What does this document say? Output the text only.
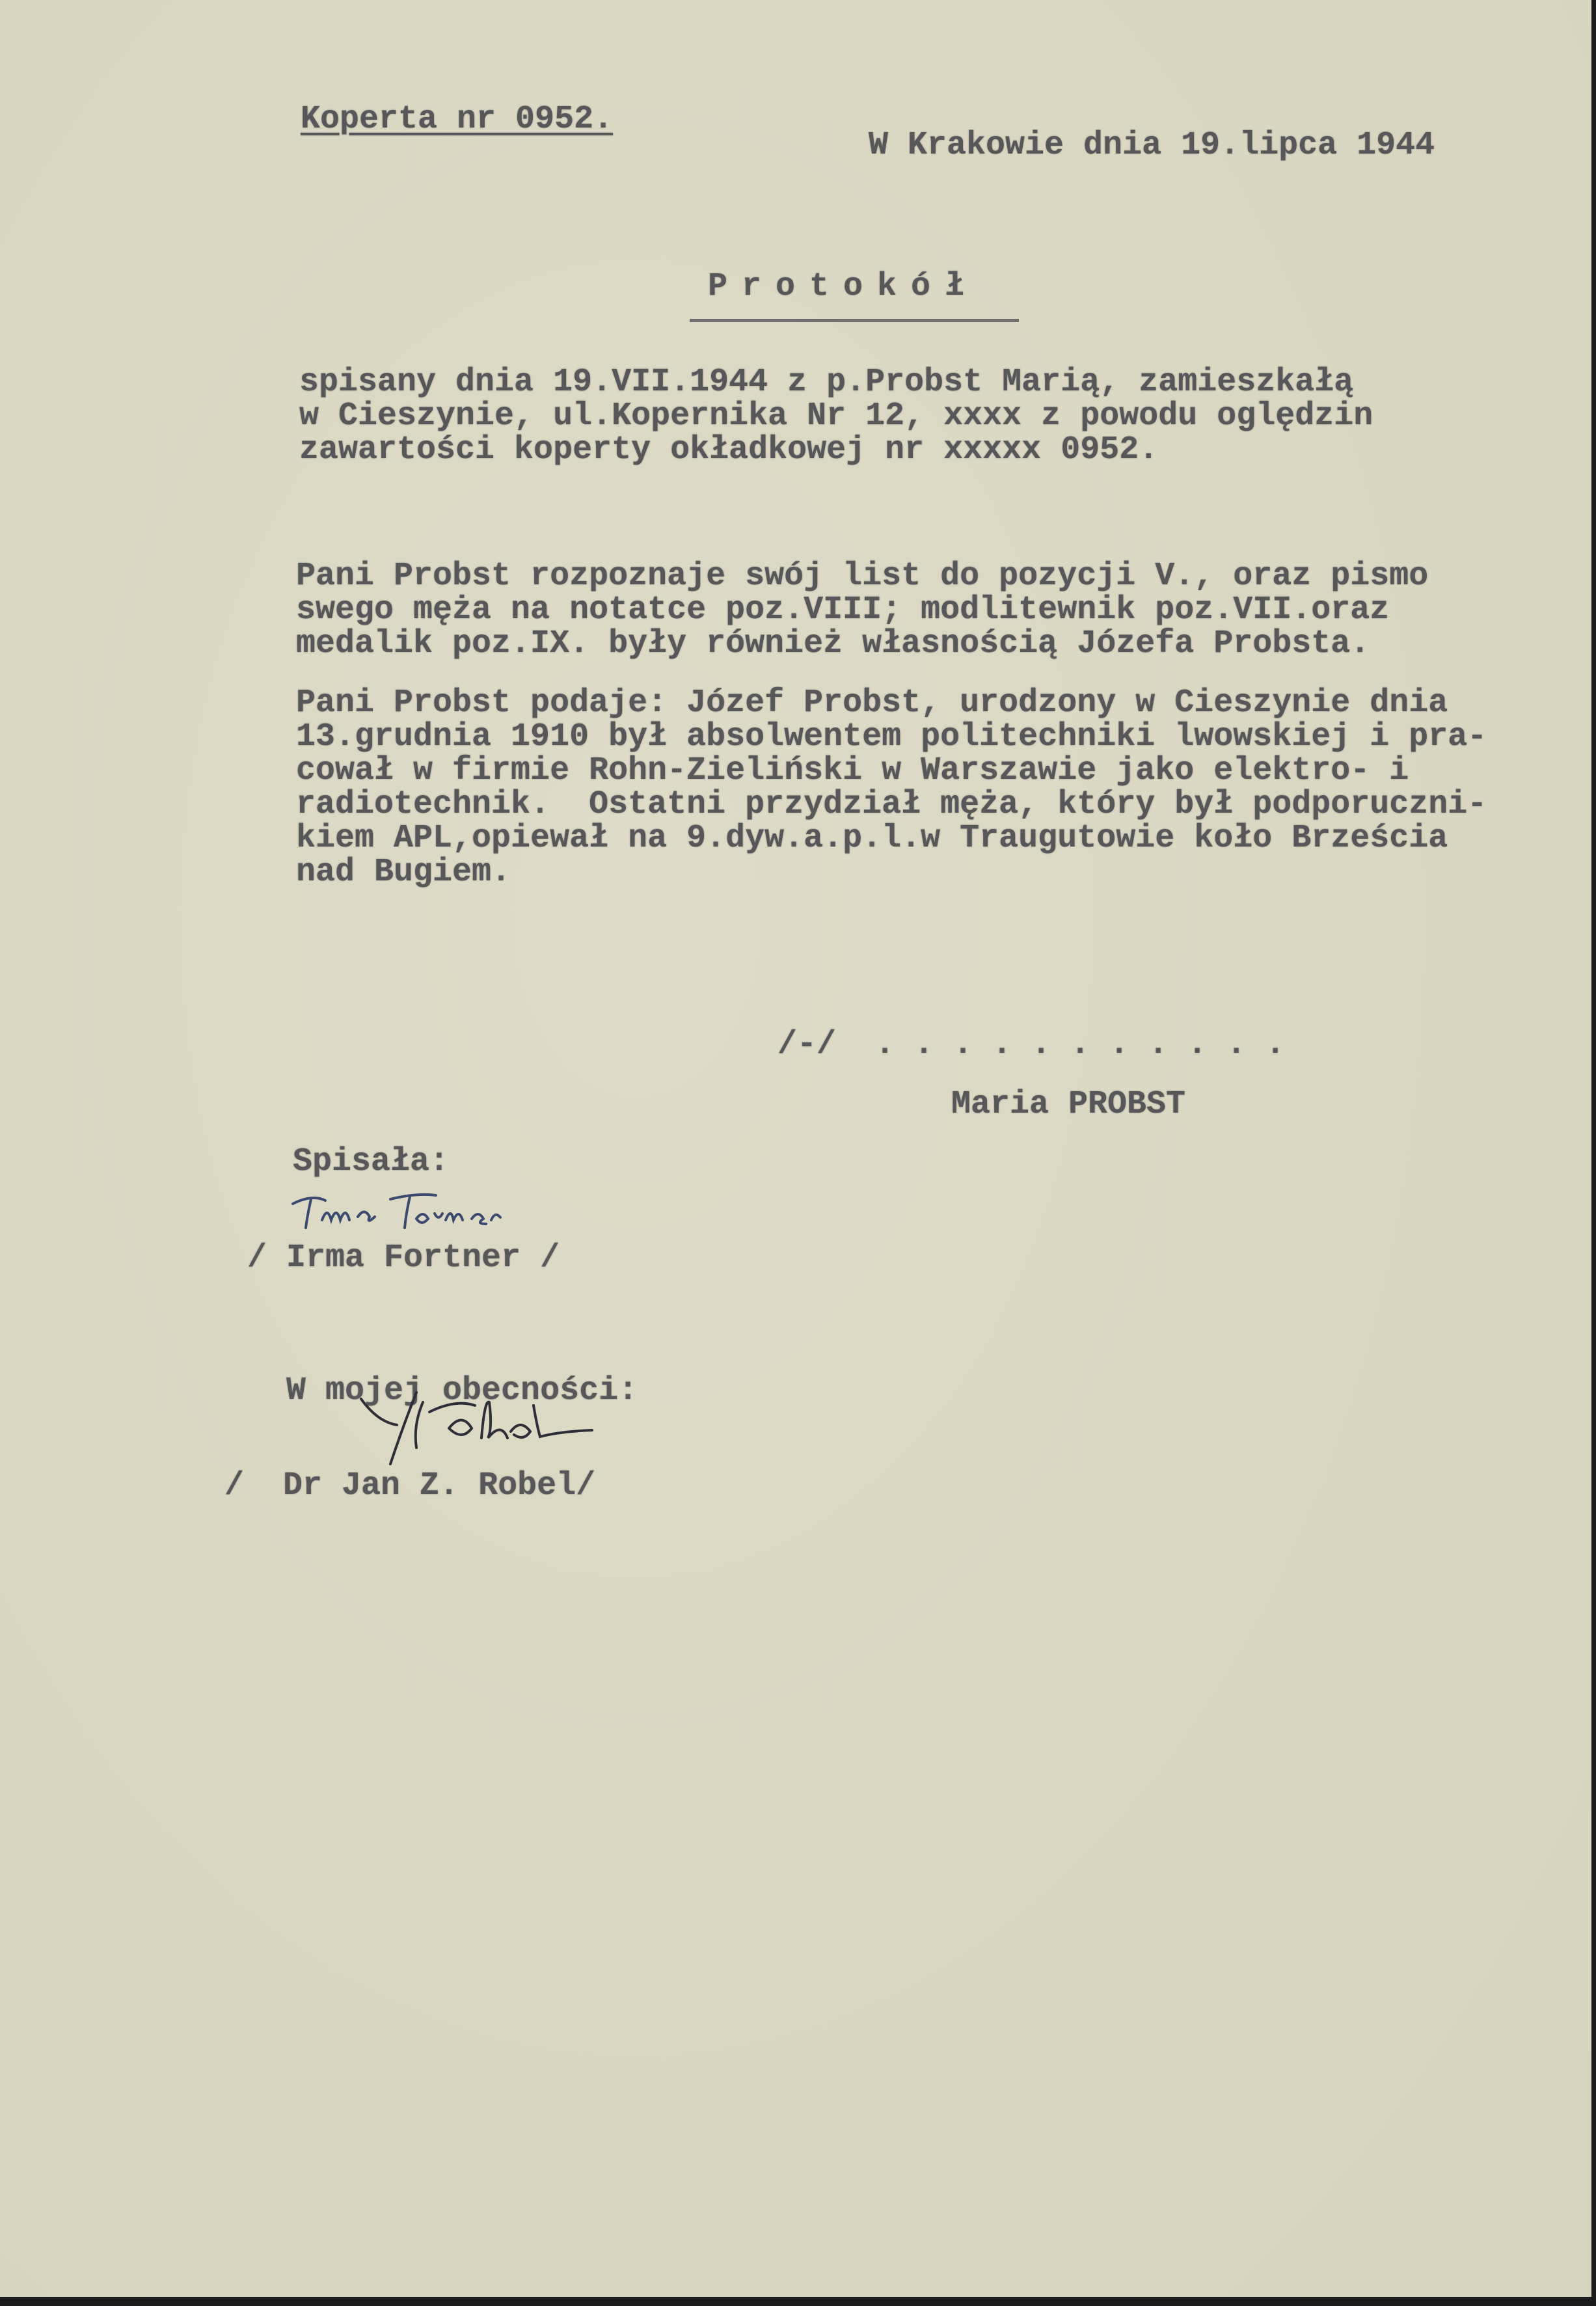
Koperta nr 0952.
W Krakowie dnia 19.lipca 1944
Protokół
spisany dnia 19.VII.1944 z p.Probst Marią, zamieszkałą
w Cieszynie, ul.Kopernika Nr 12, xxxx z powodu oględzin
zawartości koperty okładkowej nr xxxxx 0952.
Pani Probst rozpoznaje swój list do pozycji V., oraz pismo
swego męża na notatce poz.VIII; modlitewnik poz.VII.oraz
medalik poz.IX. były również własnością Józefa Probsta.
Pani Probst podaje: Józef Probst, urodzony w Cieszynie dnia
13.grudnia 1910 był absolwentem politechniki lwowskiej i pra-
cował w firmie Rohn-Zieliński w Warszawie jako elektro- i
radiotechnik.  Ostatni przydział męża, który był podporuczni-
kiem APL,opiewał na 9.dyw.a.p.l.w Traugutowie koło Brześcia
nad Bugiem.
/-/  . . . . . . . . . . .
Maria PROBST
Spisała:
/ Irma Fortner /
W mojej obecności:
/  Dr Jan Z. Robel/
